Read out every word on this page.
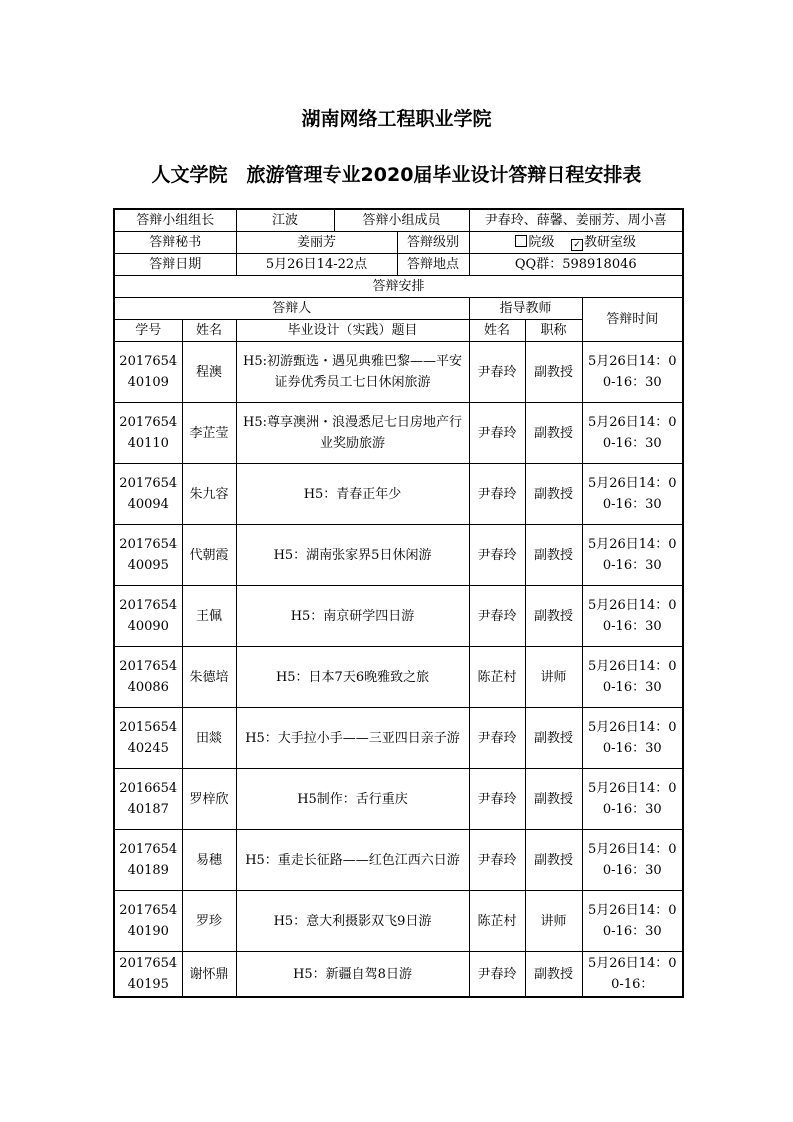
湖南网络工程职业学院
人文学院　旅游管理专业2020届毕业设计答辩日程安排表
答辩小组组长		江波 答辩小组成员	尹春玲、薛馨、姜丽芳、周小喜		
答辩秘书		姜丽芳 答辩级别	院级 ✓ 教研室级		
答辩日期		5月26日14-22点 答辩地点	QQ群：598918046		
答辩安排					
答辩人			指导教师		答辩时间
学号	姓名	毕业设计（实践）题目	姓名	职称	
201765440109	程澳	H5:初游甄选・遇见典雅巴黎——平安证券优秀员工七日休闲旅游	尹春玲	副教授	5月26日14：00-16：30
201765440110	李芷莹	H5:尊享澳洲・浪漫悉尼七日房地产行业奖励旅游	尹春玲	副教授	5月26日14：00-16：30
201765440094	朱九容	H5：青春正年少	尹春玲	副教授	5月26日14：00-16：30
201765440095	代朝霞	H5：湖南张家界5日休闲游	尹春玲	副教授	5月26日14：00-16：30
201765440090	王佩	H5：南京研学四日游	尹春玲	副教授	5月26日14：00-16：30
201765440086	朱德培	H5：日本7天6晚雅致之旅	陈芷村	讲师	5月26日14：00-16：30
201565440245	田燚	H5：大手拉小手——三亚四日亲子游	尹春玲	副教授	5月26日14：00-16：30
201665440187	罗梓欣	H5制作：舌行重庆	尹春玲	副教授	5月26日14：00-16：30
201765440189	易穗	H5：重走长征路——红色江西六日游	尹春玲	副教授	5月26日14：00-16：30
201765440190	罗珍	H5：意大利摄影双飞9日游	陈芷村	讲师	5月26日14：00-16：30
201765440195	谢怀鼎	H5：新疆自驾8日游	尹春玲	副教授	5月26日14：00-16：
